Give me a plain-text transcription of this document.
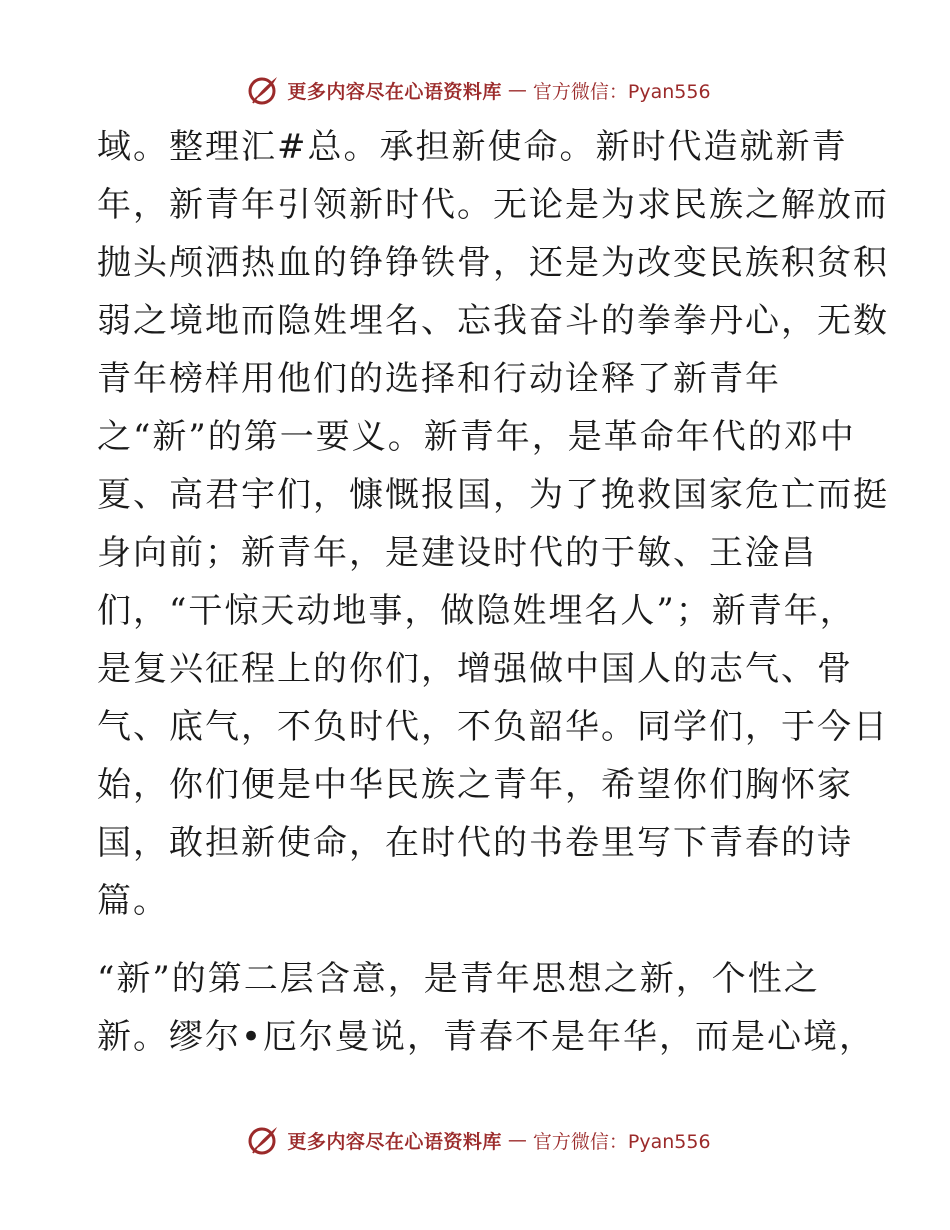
更多内容尽在心语资料库 — 官方微信：Pyan556
域。整理汇#总。承担新使命。新时代造就新青
年，新青年引领新时代。无论是为求民族之解放而
抛头颅洒热血的铮铮铁骨，还是为改变民族积贫积
弱之境地而隐姓埋名、忘我奋斗的拳拳丹心，无数
青年榜样用他们的选择和行动诠释了新青年
之“新”的第一要义。新青年，是革命年代的邓中
夏、高君宇们，慷慨报国，为了挽救国家危亡而挺
身向前；新青年，是建设时代的于敏、王淦昌
们，“干惊天动地事，做隐姓埋名人”；新青年，
是复兴征程上的你们，增强做中国人的志气、骨
气、底气，不负时代，不负韶华。同学们，于今日
始，你们便是中华民族之青年，希望你们胸怀家
国，敢担新使命，在时代的书卷里写下青春的诗
篇。
“新”的第二层含意，是青年思想之新，个性之
新。缪尔•厄尔曼说，青春不是年华，而是心境，
更多内容尽在心语资料库 — 官方微信：Pyan556
